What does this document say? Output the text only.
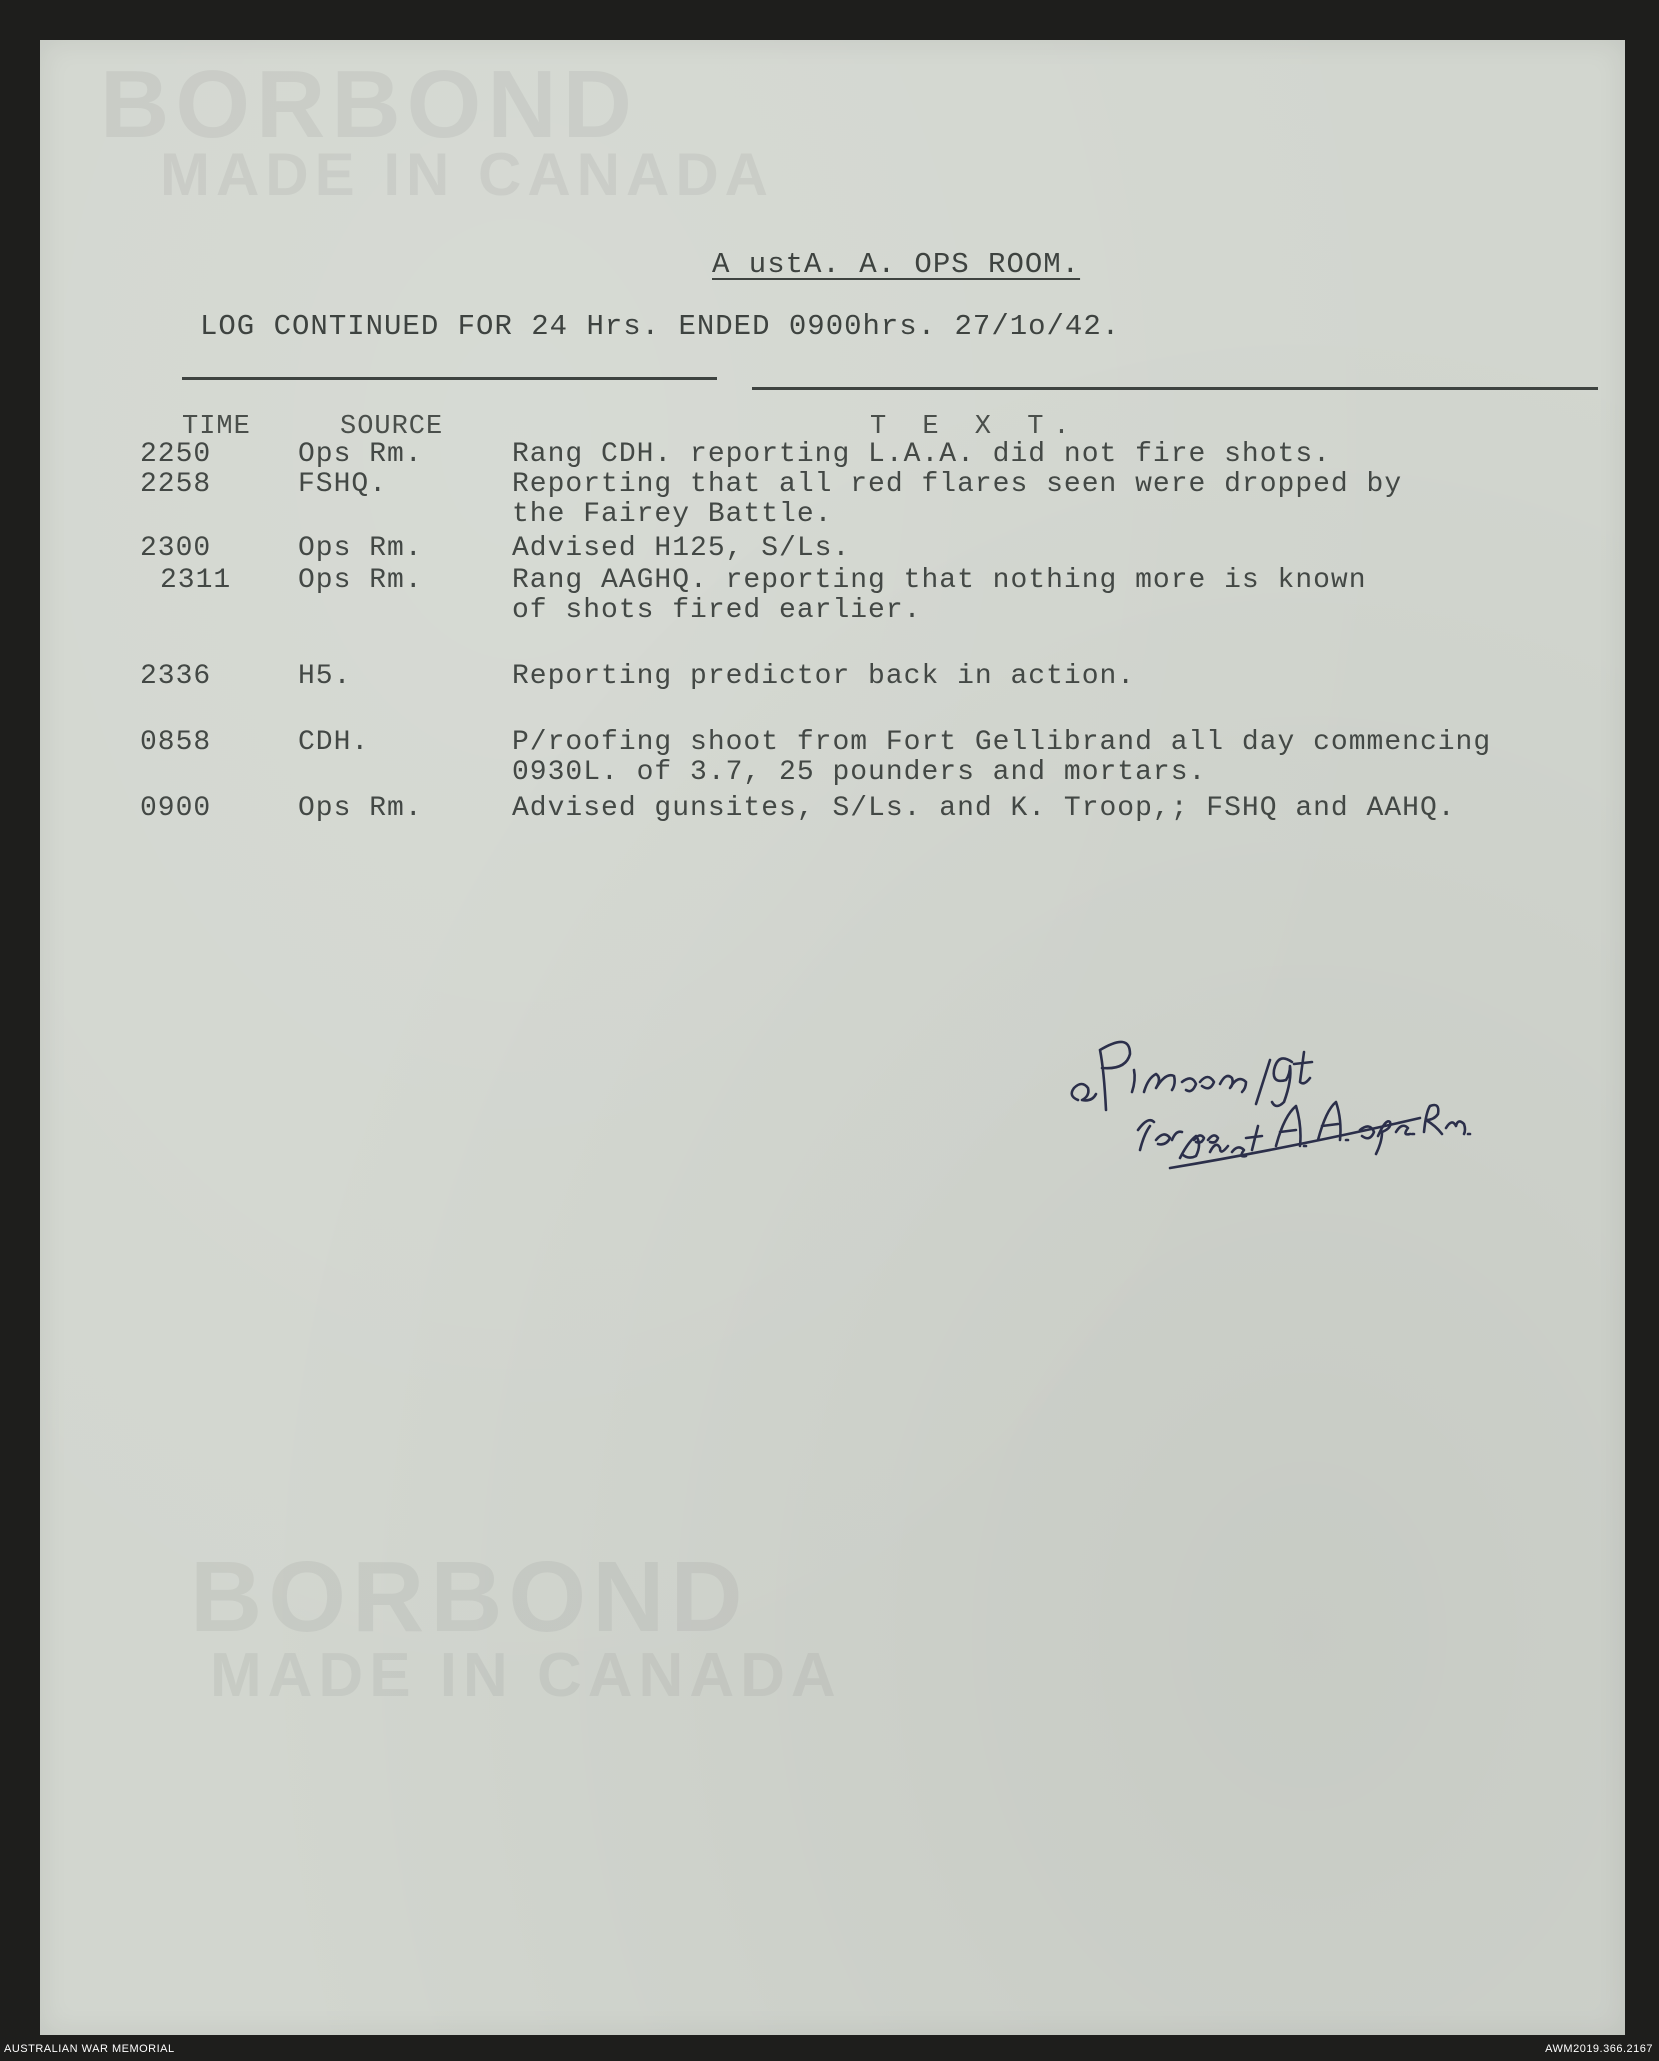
BORBOND
MADE IN CANADA
BORBOND
MADE IN CANADA
A ustA. A. OPS ROOM.
LOG CONTINUED FOR 24 Hrs. ENDED 0900hrs. 27/1o/42.
TIME	SOURCE	T E X T.
2250	Ops Rm.	Rang CDH. reporting L.A.A. did not fire shots.
2258	FSHQ.	Reporting that all red flares seen were dropped by
the Fairey Battle.
2300	Ops Rm.	Advised H125, S/Ls.
2311 Ops Rm.	Rang AAGHQ. reporting that nothing more is known
of shots fired earlier.
2336	H5.	Reporting predictor back in action.
0858	CDH.	P/roofing shoot from Fort Gellibrand all day commencing
0930L. of 3.7, 25 pounders and mortars.
0900	Ops Rm.	Advised gunsites, S/Ls. and K. Troop,; FSHQ and AAHQ.
AUSTRALIAN WAR MEMORIAL	AWM2019.366.2167
